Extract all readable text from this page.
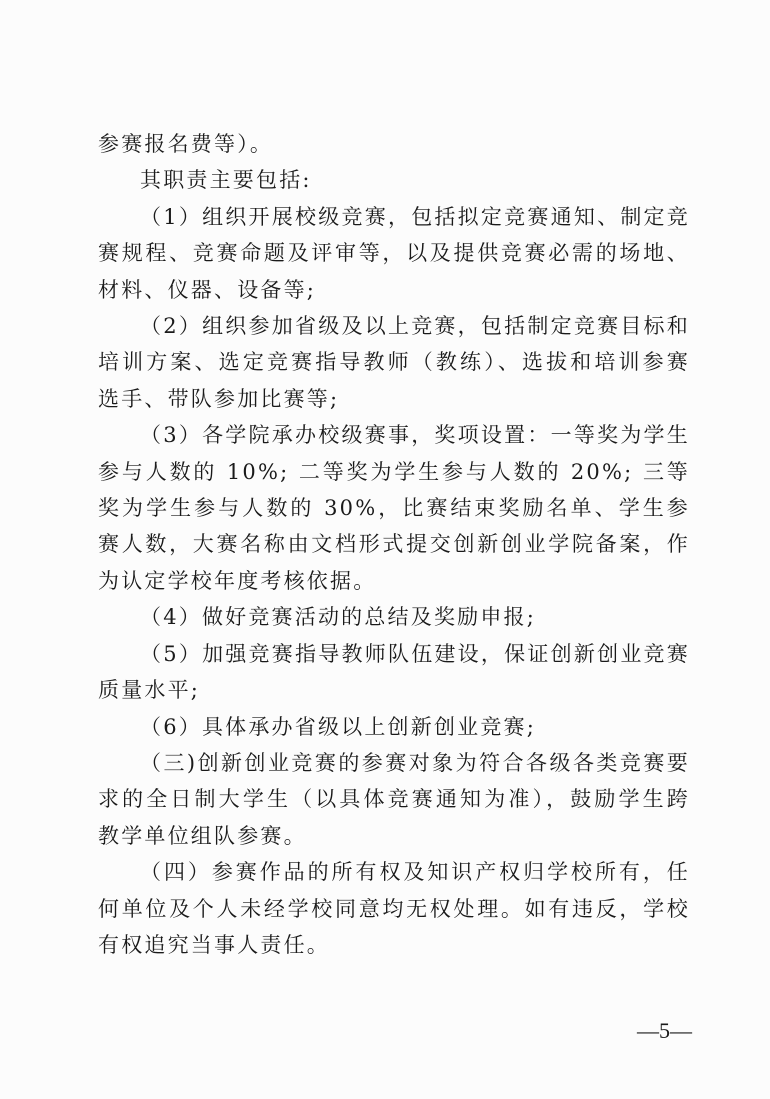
参赛报名费等）。

其职责主要包括:

（1）组织开展校级竞赛，包括拟定竞赛通知、制定竞赛规程、竞赛命题及评审等，以及提供竞赛必需的场地、材料、仪器、设备等;

（2）组织参加省级及以上竞赛，包括制定竞赛目标和培训方案、选定竞赛指导教师（教练）、选拔和培训参赛选手、带队参加比赛等;

（3）各学院承办校级赛事，奖项设置：一等奖为学生参与人数的 10%; 二等奖为学生参与人数的 20%; 三等奖为学生参与人数的 30%，比赛结束奖励名单、学生参赛人数，大赛名称由文档形式提交创新创业学院备案，作为认定学校年度考核依据。

（4）做好竞赛活动的总结及奖励申报;

（5）加强竞赛指导教师队伍建设，保证创新创业竞赛质量水平;

（6）具体承办省级以上创新创业竞赛;

（三)创新创业竞赛的参赛对象为符合各级各类竞赛要求的全日制大学生（以具体竞赛通知为准），鼓励学生跨教学单位组队参赛。

（四）参赛作品的所有权及知识产权归学校所有，任何单位及个人未经学校同意均无权处理。如有违反，学校有权追究当事人责任。

—5—
